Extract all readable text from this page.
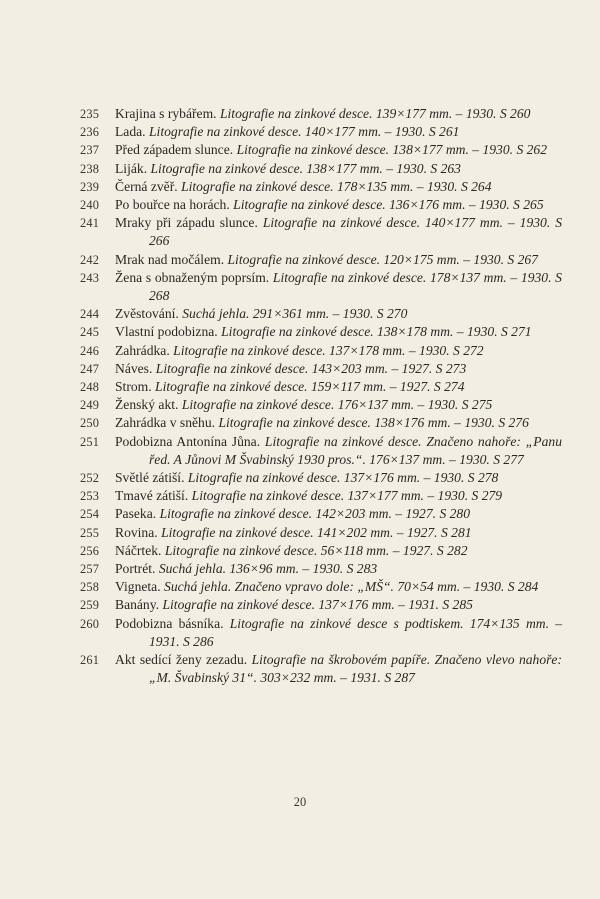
235	Krajina s rybářem. Litografie na zinkové desce. 139×177 mm. – 1930. S 260
236	Lada. Litografie na zinkové desce. 140×177 mm. – 1930. S 261
237	Před západem slunce. Litografie na zinkové desce. 138×177 mm. – 1930. S 262
238	Liják. Litografie na zinkové desce. 138×177 mm. – 1930. S 263
239	Černá zvěř. Litografie na zinkové desce. 178×135 mm. – 1930. S 264
240	Po bouřce na horách. Litografie na zinkové desce. 136×176 mm. – 1930. S 265
241	Mraky při západu slunce. Litografie na zinkové desce. 140×177 mm. – 1930. S 266
242	Mrak nad močálem. Litografie na zinkové desce. 120×175 mm. – 1930. S 267
243	Žena s obnaženým poprsím. Litografie na zinkové desce. 178×137 mm. – 1930. S 268
244	Zvěstování. Suchá jehla. 291×361 mm. – 1930. S 270
245	Vlastní podobizna. Litografie na zinkové desce. 138×178 mm. – 1930. S 271
246	Zahrádka. Litografie na zinkové desce. 137×178 mm. – 1930. S 272
247	Náves. Litografie na zinkové desce. 143×203 mm. – 1927. S 273
248	Strom. Litografie na zinkové desce. 159×117 mm. – 1927. S 274
249	Ženský akt. Litografie na zinkové desce. 176×137 mm. – 1930. S 275
250	Zahrádka v sněhu. Litografie na zinkové desce. 138×176 mm. – 1930. S 276
251	Podobizna Antonína Jůna. Litografie na zinkové desce. Značeno nahoře: „Panu řed. A Jůnovi M Švabinský 1930 pros.“. 176×137 mm. – 1930. S 277
252	Světlé zátiší. Litografie na zinkové desce. 137×176 mm. – 1930. S 278
253	Tmavé zátiší. Litografie na zinkové desce. 137×177 mm. – 1930. S 279
254	Paseka. Litografie na zinkové desce. 142×203 mm. – 1927. S 280
255	Rovina. Litografie na zinkové desce. 141×202 mm. – 1927. S 281
256	Náčrtek. Litografie na zinkové desce. 56×118 mm. – 1927. S 282
257	Portrét. Suchá jehla. 136×96 mm. – 1930. S 283
258	Vigneta. Suchá jehla. Značeno vpravo dole: „MŠ“. 70×54 mm. – 1930. S 284
259	Banány. Litografie na zinkové desce. 137×176 mm. – 1931. S 285
260	Podobizna básníka. Litografie na zinkové desce s podtiskem. 174×135 mm. – 1931. S 286
261	Akt sedící ženy zezadu. Litografie na škrobovém papíře. Značeno vlevo nahoře: „M. Švabinský 31“. 303×232 mm. – 1931. S 287
20
